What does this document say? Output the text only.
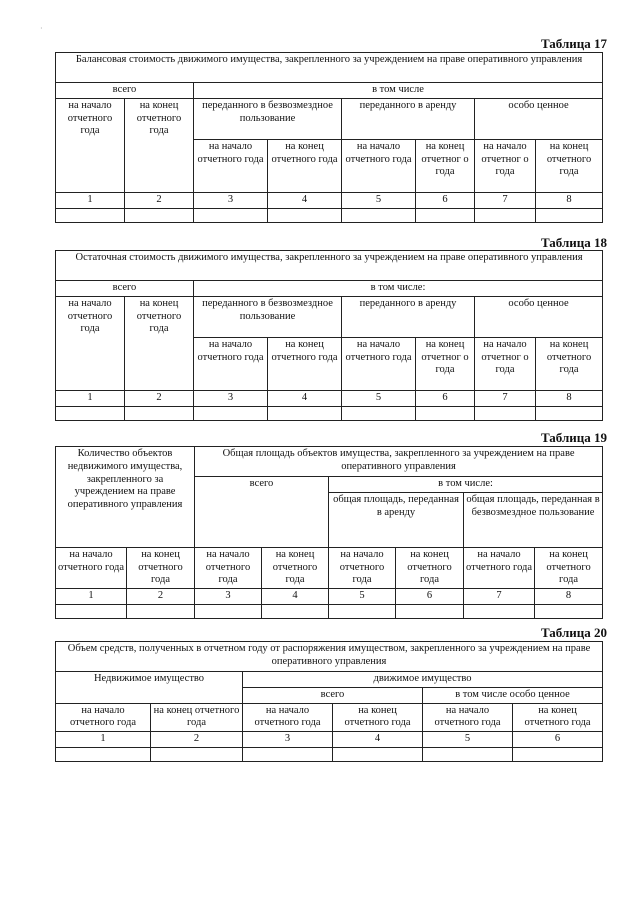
·
Таблица 17
Балансовая стоимость движимого имущества, закрепленного за учреждением на праве оперативного управления							
всего		в том числе					
на начало отчетного года	на конец отчетного года	переданного в безвозмездное пользование		переданного в аренду		особо ценное	
		на начало отчетного года	на конец отчетного года	на начало отчетного года	на конец отчетног о года	на начало отчетног о года	на конец отчетного года
1	2	3	4	5	6	7	8

Таблица 18
Остаточная стоимость движимого имущества, закрепленного за учреждением на праве оперативного управления							
всего		в том числе:					
на начало отчетного года	на конец отчетного года	переданного в безвозмездное пользование		переданного в аренду		особо ценное	
		на начало отчетного года	на конец отчетного года	на начало отчетного года	на конец отчетног о года	на начало отчетног о года	на конец отчетного года
1	2	3	4	5	6	7	8

Таблица 19
Количество объектов недвижимого имущества, закрепленного за учреждением на праве оперативного управления		Общая площадь объектов имущества, закрепленного за учреждением на праве оперативного управления					
		всего		в том числе:			
				общая площадь, переданная в аренду		общая площадь, переданная в безвозмездное пользование	
на начало отчетного года	на конец отчетного года	на начало отчетного года	на конец отчетного года	на начало отчетного года	на конец отчетного года	на начало отчетного года	на конец отчетного года
1	2	3	4	5	6	7	8

Таблица 20
Объем средств, полученных в отчетном году от распоряжения имуществом, закрепленного за учреждением на праве оперативного управления					
Недвижимое имущество		движимое имущество			
		всего		в том числе особо ценное	
на начало отчетного года	на конец отчетного года	на начало отчетного года	на конец отчетного года	на начало отчетного года	на конец отчетного года
1	2	3	4	5	6
